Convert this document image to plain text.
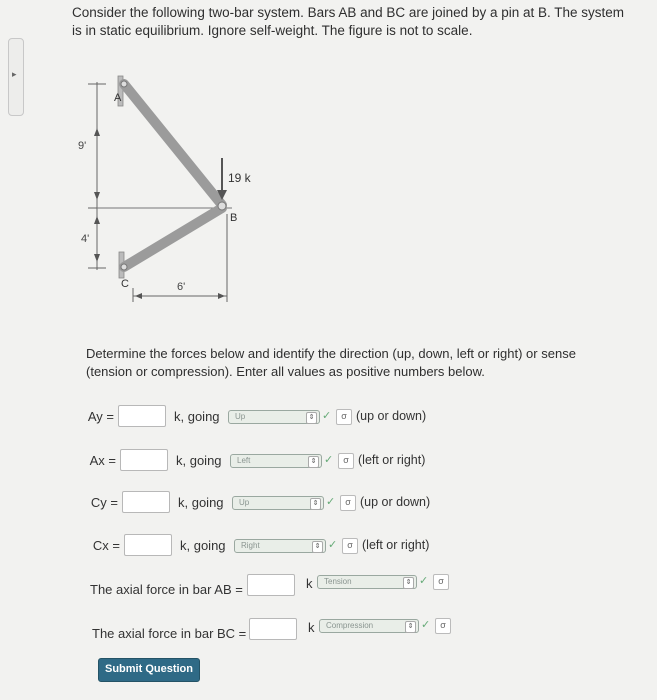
▸
Consider the following two-bar system. Bars AB and BC are joined by a pin at B. The system is in static equilibrium. Ignore self-weight. The figure is not to scale.
9'
4'
19 k
A
B
C	6'
Determine the forces below and identify the direction (up, down, left or right) or sense (tension or compression). Enter all values as positive numbers below.
Ay =	k, going Up	⇕ ✓	σ (up or down)
Ax =	k, going Left	⇕ ✓	σ (left or right)
Cy =	k, going Up	⇕ ✓	σ (up or down)
Cx =	k, going Right	⇕ ✓	σ (left or right)
The axial force in bar AB =	k Tension	⇕ ✓	σ
The axial force in bar BC =	k Compression	⇕ ✓	σ
Submit Question
